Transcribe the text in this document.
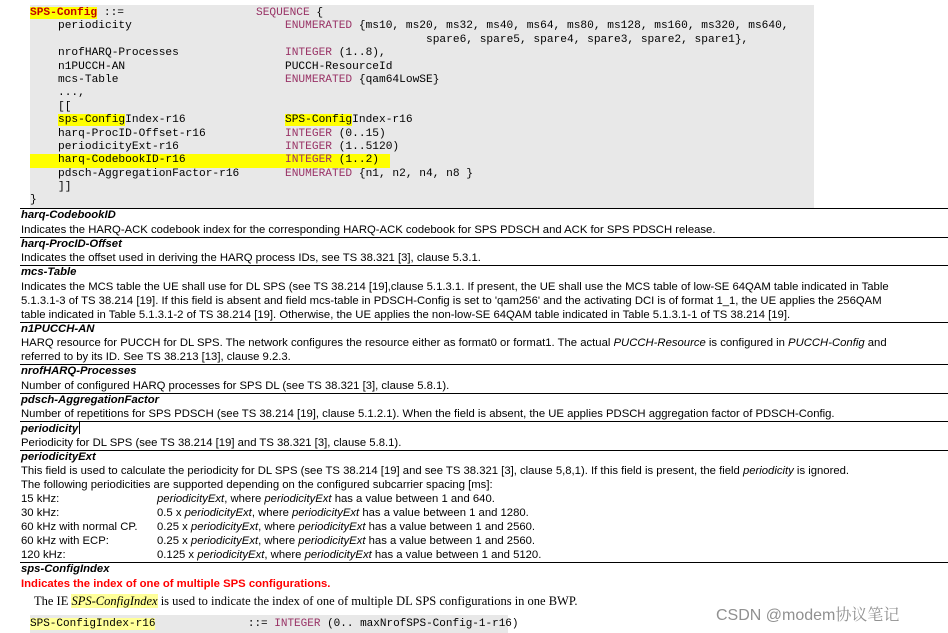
SPS-Config ::=	SEQUENCE {
periodicity	ENUMERATED {ms10, ms20, ms32, ms40, ms64, ms80, ms128, ms160, ms320, ms640,
spare6, spare5, spare4, spare3, spare2, spare1},
nrofHARQ-Processes	INTEGER (1..8),
n1PUCCH-AN	PUCCH-ResourceId
mcs-Table	ENUMERATED {qam64LowSE}
...,
[[
sps-ConfigIndex-r16	SPS-ConfigIndex-r16
harq-ProcID-Offset-r16	INTEGER (0..15)
periodicityExt-r16	INTEGER (1..5120)
harq-CodebookID-r16	INTEGER (1..2)
pdsch-AggregationFactor-r16	ENUMERATED {n1, n2, n4, n8 }
]]
}
harq-CodebookID
Indicates the HARQ-ACK codebook index for the corresponding HARQ-ACK codebook for SPS PDSCH and ACK for SPS PDSCH release.
harq-ProcID-Offset
Indicates the offset used in deriving the HARQ process IDs, see TS 38.321 [3], clause 5.3.1.
mcs-Table
Indicates the MCS table the UE shall use for DL SPS (see TS 38.214 [19],clause 5.1.3.1. If present, the UE shall use the MCS table of low-SE 64QAM table indicated in Table
5.1.3.1-3 of TS 38.214 [19]. If this field is absent and field mcs-table in PDSCH-Config is set to 'qam256' and the activating DCI is of format 1_1, the UE applies the 256QAM
table indicated in Table 5.1.3.1-2 of TS 38.214 [19]. Otherwise, the UE applies the non-low-SE 64QAM table indicated in Table 5.1.3.1-1 of TS 38.214 [19].
n1PUCCH-AN
HARQ resource for PUCCH for DL SPS. The network configures the resource either as format0 or format1. The actual PUCCH-Resource is configured in PUCCH-Config and
referred to by its ID. See TS 38.213 [13], clause 9.2.3.
nrofHARQ-Processes
Number of configured HARQ processes for SPS DL (see TS 38.321 [3], clause 5.8.1).
pdsch-AggregationFactor
Number of repetitions for SPS PDSCH (see TS 38.214 [19], clause 5.1.2.1). When the field is absent, the UE applies PDSCH aggregation factor of PDSCH-Config.
periodicity
Periodicity for DL SPS (see TS 38.214 [19] and TS 38.321 [3], clause 5.8.1).
periodicityExt
This field is used to calculate the periodicity for DL SPS (see TS 38.214 [19] and see TS 38.321 [3], clause 5,8,1). If this field is present, the field periodicity is ignored.
The following periodicities are supported depending on the configured subcarrier spacing [ms]:
15 kHz:	periodicityExt, where periodicityExt has a value between 1 and 640.
30 kHz:	0.5 x periodicityExt, where periodicityExt has a value between 1 and 1280.
60 kHz with normal CP.	0.25 x periodicityExt, where periodicityExt has a value between 1 and 2560.
60 kHz with ECP:	0.25 x periodicityExt, where periodicityExt has a value between 1 and 2560.
120 kHz:	0.125 x periodicityExt, where periodicityExt has a value between 1 and 5120.
sps-ConfigIndex
Indicates the index of one of multiple SPS configurations.
The IE SPS-ConfigIndex is used to indicate the index of one of multiple DL SPS configurations in one BWP.
SPS-ConfigIndex-r16              ::= INTEGER (0.. maxNrofSPS-Config-1-r16)	CSDN @modem协议笔记
